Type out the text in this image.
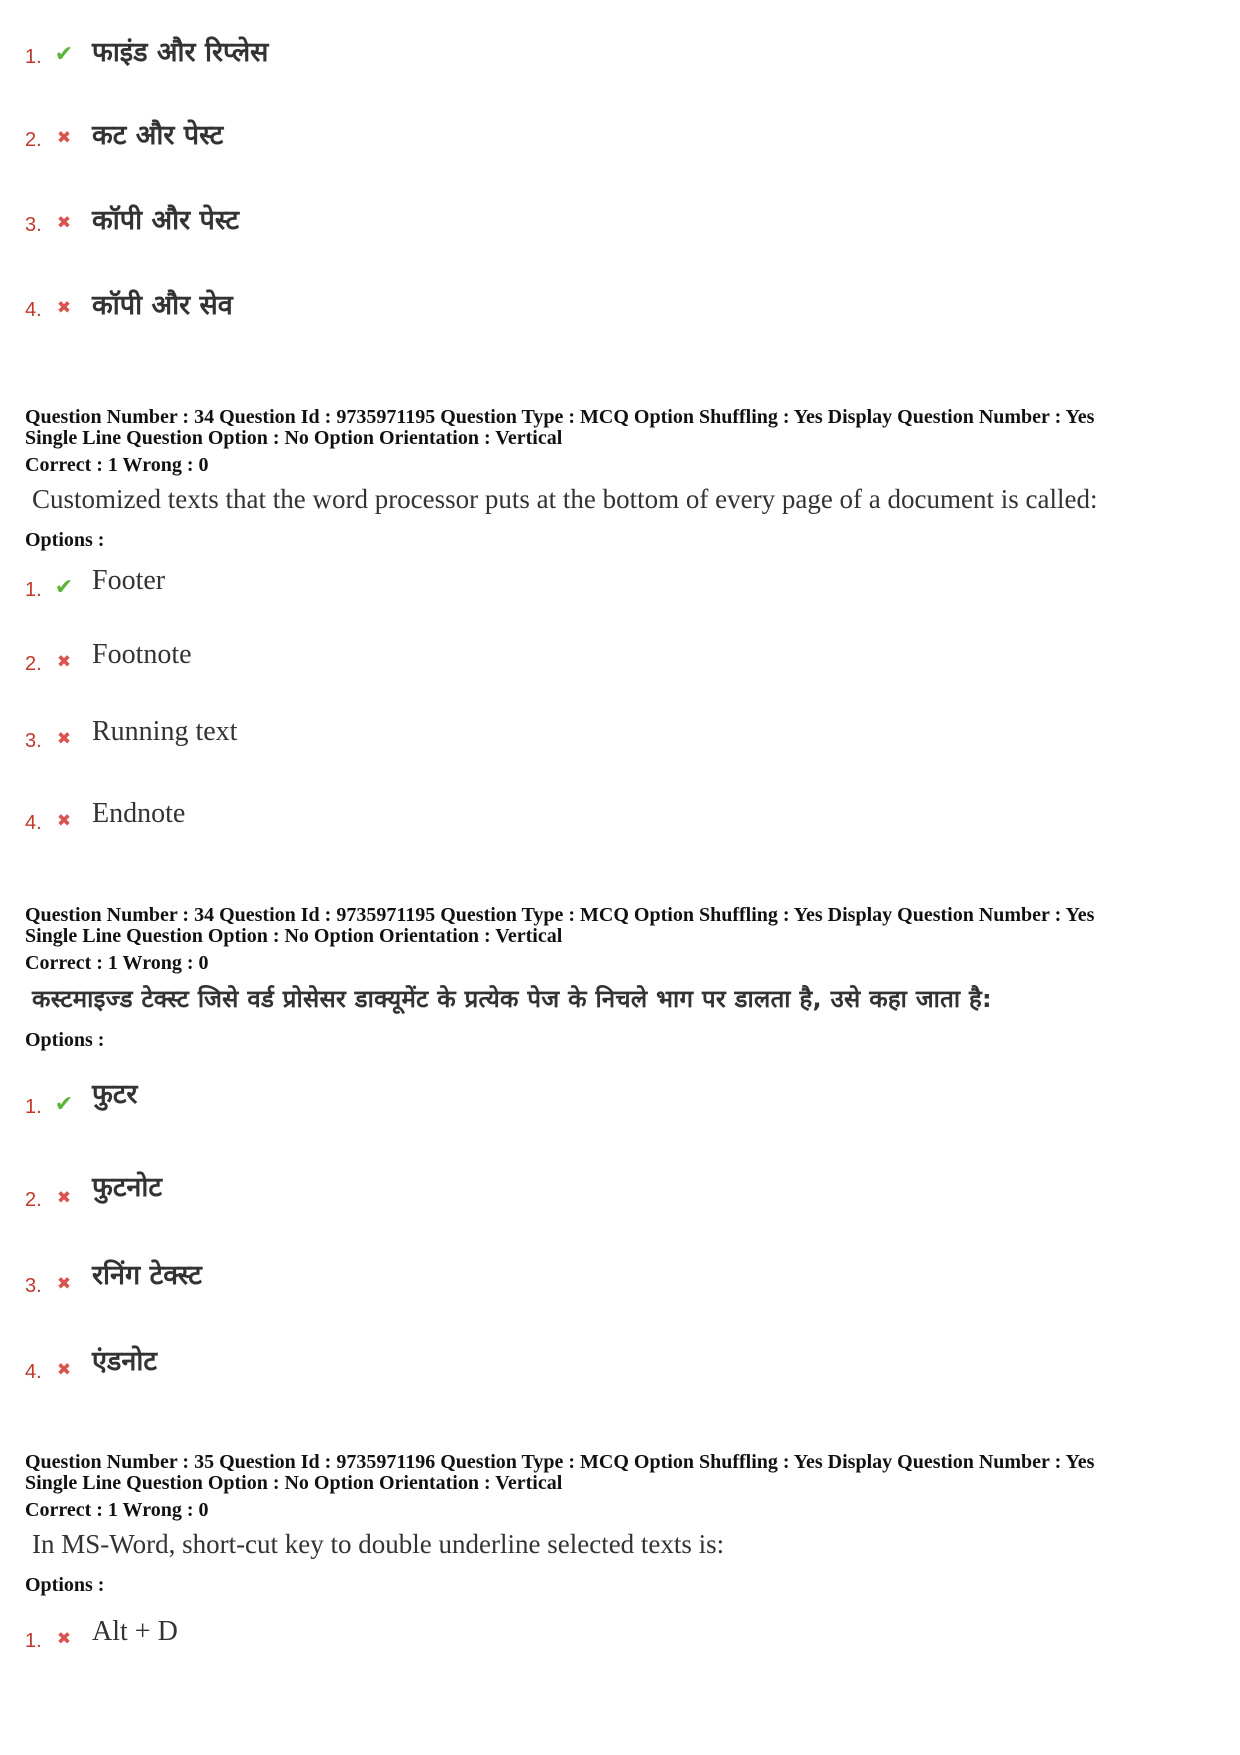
1. ✔ फाइंड और रिप्लेस
2. ✖ कट और पेस्ट
3. ✖ कॉपी और पेस्ट
4. ✖ कॉपी और सेव
Question Number : 34 Question Id : 9735971195 Question Type : MCQ Option Shuffling : Yes Display Question Number : Yes
Single Line Question Option : No Option Orientation : Vertical
Correct : 1 Wrong : 0
Customized texts that the word processor puts at the bottom of every page of a document is called:
Options :
1. ✔ Footer
2. ✖ Footnote
3. ✖ Running text
4. ✖ Endnote
Question Number : 34 Question Id : 9735971195 Question Type : MCQ Option Shuffling : Yes Display Question Number : Yes
Single Line Question Option : No Option Orientation : Vertical
Correct : 1 Wrong : 0
कस्टमाइज्ड टेक्स्ट जिसे वर्ड प्रोसेसर डाक्यूमेंट के प्रत्येक पेज के निचले भाग पर डालता है, उसे कहा जाता है:
Options :
1. ✔ फुटर
2. ✖ फुटनोट
3. ✖ रनिंग टेक्स्ट
4. ✖ एंडनोट
Question Number : 35 Question Id : 9735971196 Question Type : MCQ Option Shuffling : Yes Display Question Number : Yes
Single Line Question Option : No Option Orientation : Vertical
Correct : 1 Wrong : 0
In MS-Word, short-cut key to double underline selected texts is:
Options :
1. ✖ Alt + D
